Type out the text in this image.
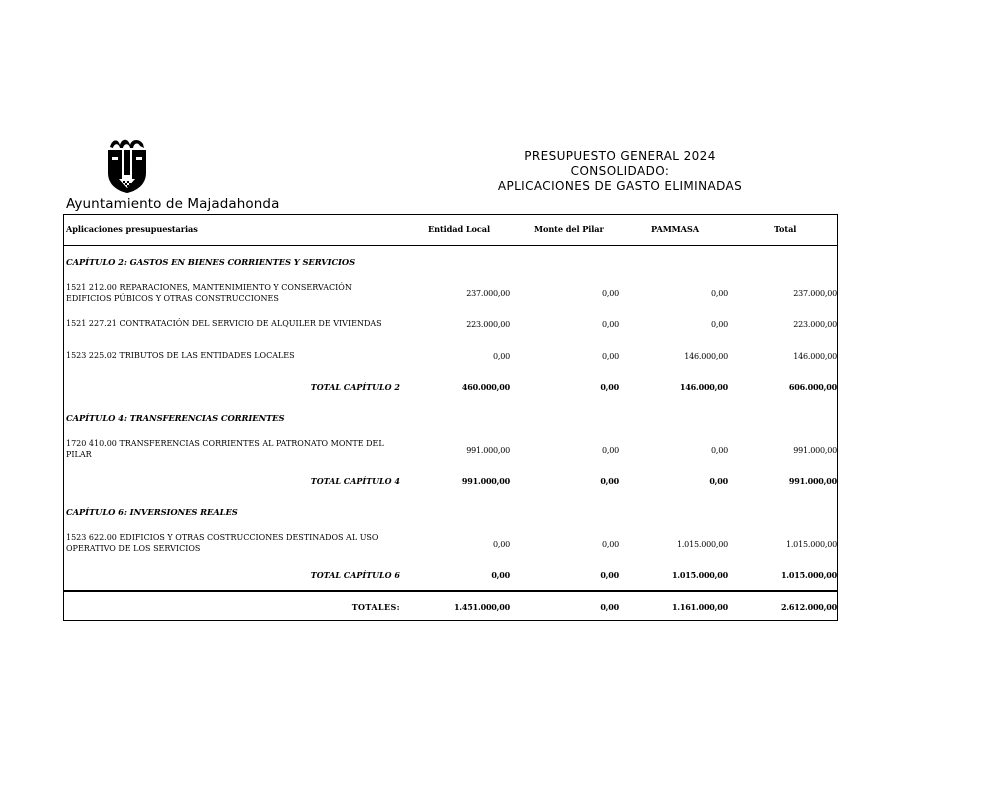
Ayuntamiento de Majadahonda
PRESUPUESTO GENERAL 2024
CONSOLIDADO:
APLICACIONES DE GASTO ELIMINADAS
Aplicaciones presupuestarias	Entidad Local	Monte del Pilar	PAMMASA	Total
CAPÍTULO 2: GASTOS EN BIENES CORRIENTES Y SERVICIOS
1521 212.00 REPARACIONES, MANTENIMIENTO Y CONSERVACIÓN EDIFICIOS PÚBICOS Y OTRAS CONSTRUCCIONES	237.000,00	0,00	0,00	237.000,00
1521 227.21 CONTRATACIÓN DEL SERVICIO DE ALQUILER DE VIVIENDAS	223.000,00	0,00	0,00	223.000,00
1523 225.02 TRIBUTOS DE LAS ENTIDADES LOCALES	0,00	0,00	146.000,00	146.000,00
TOTAL CAPÍTULO 2	460.000,00	0,00	146.000,00	606.000,00
CAPÍTULO 4: TRANSFERENCIAS CORRIENTES
1720 410.00 TRANSFERENCIAS CORRIENTES AL PATRONATO MONTE DEL PILAR	991.000,00	0,00	0,00	991.000,00
TOTAL CAPÍTULO 4	991.000,00	0,00	0,00	991.000,00
CAPÍTULO 6: INVERSIONES REALES
1523 622.00 EDIFICIOS Y OTRAS COSTRUCCIONES DESTINADOS AL USO OPERATIVO DE LOS SERVICIOS	0,00	0,00	1.015.000,00	1.015.000,00
TOTAL CAPÍTULO 6	0,00	0,00	1.015.000,00	1.015.000,00
TOTALES:	1.451.000,00	0,00	1.161.000,00	2.612.000,00
